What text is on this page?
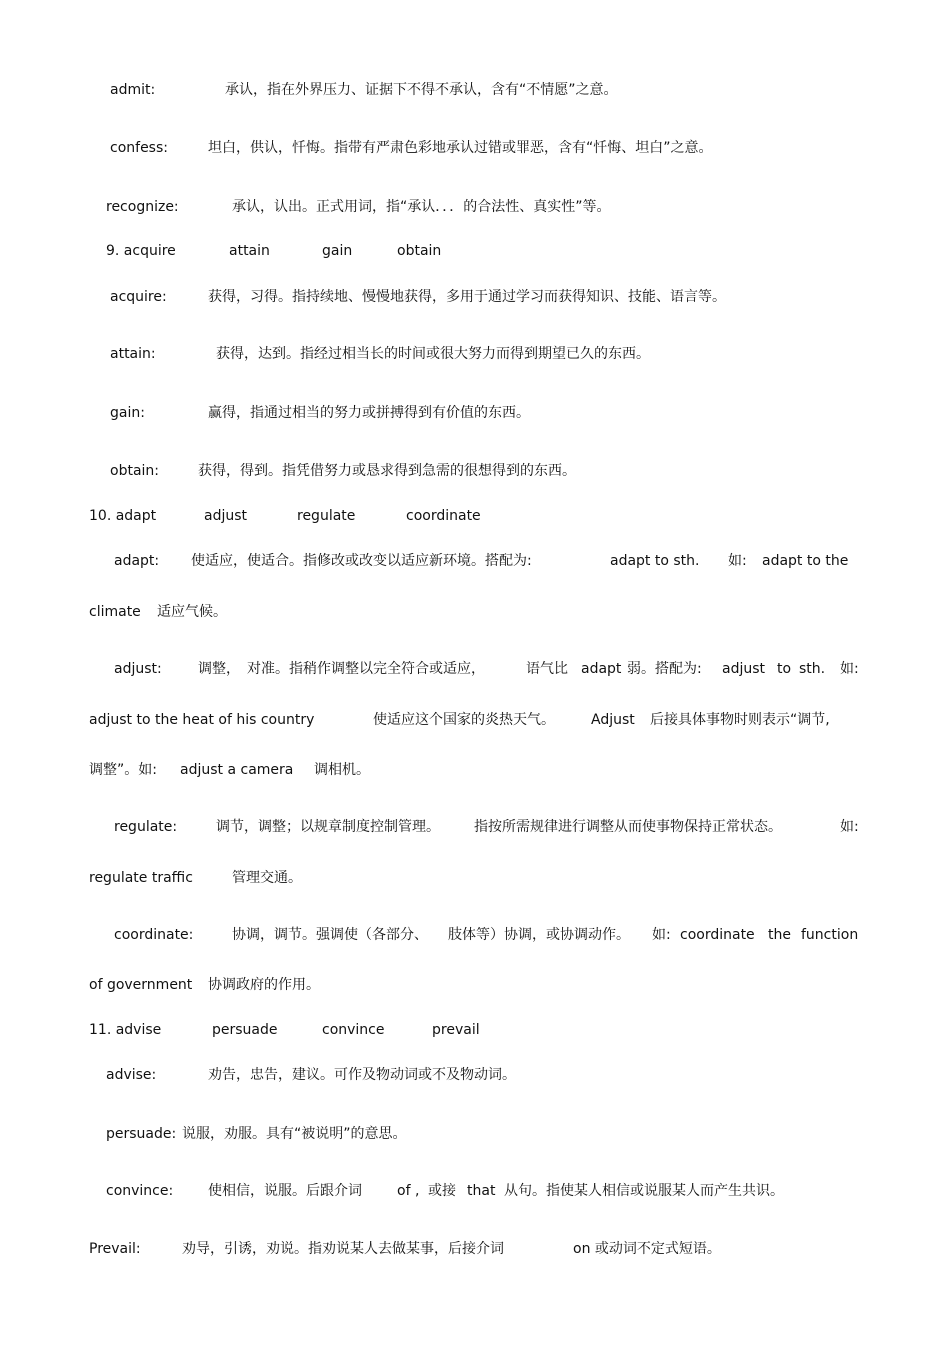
admit:	承认，指在外界压力、证据下不得不承认，含有“不情愿”之意。

confess:	坦白，供认，忏悔。指带有严肃色彩地承认过错或罪恶，含有“忏悔、坦白”之意。

recognize:	承认，认出。正式用词，指“承认．．．的合法性、真实性”等。

9. acquire	attain	gain	obtain

acquire:	获得，习得。指持续地、慢慢地获得，多用于通过学习而获得知识、技能、语言等。

attain:	获得，达到。指经过相当长的时间或很大努力而得到期望已久的东西。

gain:	赢得，指通过相当的努力或拼搏得到有价值的东西。

obtain:	获得，得到。指凭借努力或恳求得到急需的很想得到的东西。

10. adapt	adjust	regulate	coordinate

adapt: 使适应，使适合。指修改或改变以适应新环境。搭配为:	adapt to sth. 如: adapt to the

climate 适应气候。

adjust:	调整， 对准。指稍作调整以完全符合或适应，	语气比 adapt 弱。搭配为: adjust to sth. 如:

adjust to the heat of his country	使适应这个国家的炎热天气。	Adjust 后接具体事物时则表示“调节,

调整”。如: adjust a camera 调相机。

regulate:	调节，调整；以规章制度控制管理。 指按所需规律进行调整从而使事物保持正常状态。	如:

regulate traffic	管理交通。

coordinate:	协调，调节。强调使（各部分、 肢体等）协调，或协调动作。 如: coordinate the function

of government 协调政府的作用。

11. advise	persuade	convince	prevail

advise:	劝告，忠告，建议。可作及物动词或不及物动词。

persuade: 说服，劝服。具有“被说明”的意思。

convince: 使相信，说服。后跟介词	of , 或接 that 从句。指使某人相信或说服某人而产生共识。

Prevail:	劝导，引诱，劝说。指劝说某人去做某事，后接介词	on 或动词不定式短语。
